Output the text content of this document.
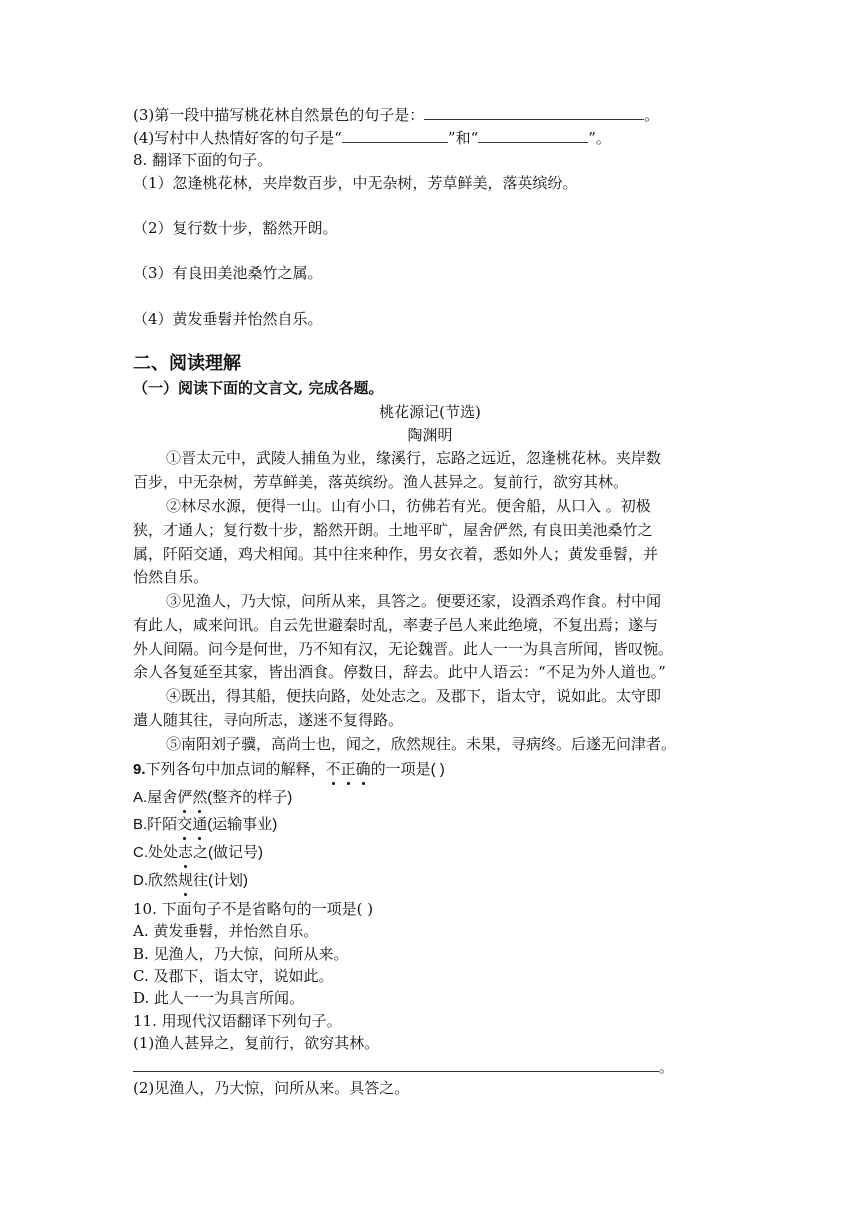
(3)第一段中描写桃花林自然景色的句子是：	。
(4)写村中人热情好客的句子是“	”和“	”。
8. 翻译下面的句子。
（1）忽逢桃花林，夹岸数百步，中无杂树，芳草鲜美，落英缤纷。
（2）复行数十步，豁然开朗。
（3）有良田美池桑竹之属。
（4）黄发垂髫并怡然自乐。
二、阅读理解
（一）阅读下面的文言文, 完成各题。
桃花源记(节选)
陶渊明
①晋太元中，武陵人捕鱼为业，缘溪行，忘路之远近，忽逢桃花林。夹岸数
百步，中无杂树，芳草鲜美，落英缤纷。渔人甚异之。复前行，欲穷其林。
②林尽水源，便得一山。山有小口，彷佛若有光。便舍船，从口入 。初极
狭，才通人；复行数十步，豁然开朗。土地平旷，屋舍俨然, 有良田美池桑竹之
属，阡陌交通，鸡犬相闻。其中往来种作，男女衣着，悉如外人；黄发垂髫，并
怡然自乐。
③见渔人，乃大惊，问所从来，具答之。便要还家，设酒杀鸡作食。村中闻
有此人，咸来问讯。自云先世避秦时乱，率妻子邑人来此绝境，不复出焉；遂与
外人间隔。问今是何世，乃不知有汉，无论魏晋。此人一一为具言所闻，皆叹惋。
余人各复延至其家，皆出酒食。停数日，辞去。此中人语云：“不足为外人道也。”
④既出，得其船，便扶向路，处处志之。及郡下，诣太守，说如此。太守即
遣人随其往，寻向所志，遂迷不复得路。
⑤南阳刘子骥，高尚士也，闻之，欣然规往。未果，寻病终。后遂无问津者。
9.下列各句中加点词的解释，不正确的一项是( )
A.屋舍俨然(整齐的样子)
B.阡陌交通(运输事业)
C.处处志之(做记号)
D.欣然规往(计划)
10. 下面句子不是省略句的一项是( )
A. 黄发垂髫，并怡然自乐。
B. 见渔人，乃大惊，问所从来。
C. 及郡下，诣太守，说如此。
D. 此人一一为具言所闻。
11. 用现代汉语翻译下列句子。
(1)渔人甚异之，复前行，欲穷其林。
。
(2)见渔人，乃大惊，问所从来。具答之。
